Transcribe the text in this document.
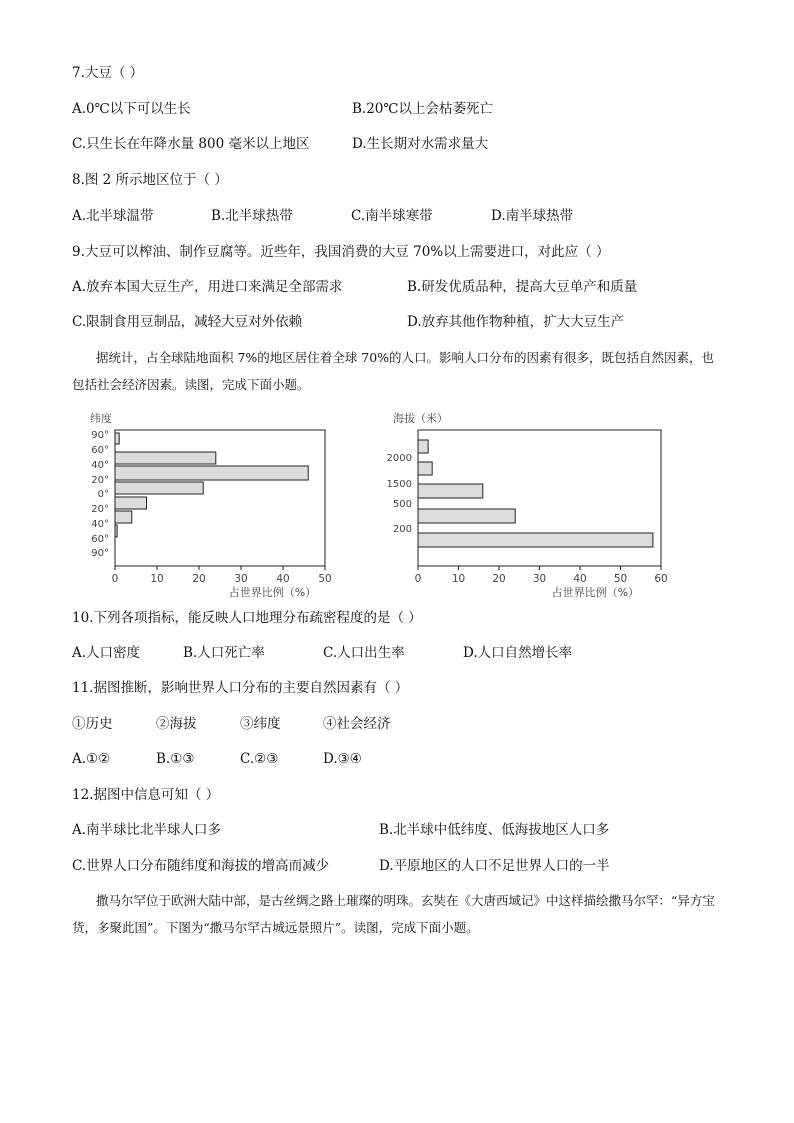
7.大豆（ ）
A.0℃以下可以生长	B.20℃以上会枯萎死亡
C.只生长在年降水量 800 毫米以上地区	D.生长期对水需求量大
8.图 2 所示地区位于（ ）
A.北半球温带	B.北半球热带	C.南半球寒带	D.南半球热带
9.大豆可以榨油、制作豆腐等。近些年，我国消费的大豆 70%以上需要进口，对此应（ ）
A.放弃本国大豆生产，用进口来满足全部需求	B.研发优质品种，提高大豆单产和质量
C.限制食用豆制品，减轻大豆对外依赖	D.放弃其他作物种植，扩大大豆生产
据统计，占全球陆地面积 7%的地区居住着全球 70%的人口。影响人口分布的因素有很多，既包括自然因素，也包括社会经济因素。读图，完成下面小题。
纬度
90°
60°
40°
20°
0°
20°
40°
60°
90°
0	10	20	30	40	50
占世界比例（%）
海拔（米）
2000
1500
500
200
0	10	20	30	40	50	60
占世界比例（%）
10.下列各项指标，能反映人口地理分布疏密程度的是（ ）
A.人口密度	B.人口死亡率	C.人口出生率	D.人口自然增长率
11.据图推断，影响世界人口分布的主要自然因素有（ ）
①历史	②海拔	③纬度	④社会经济
A.①②	B.①③	C.②③	D.③④
12.据图中信息可知（ ）
A.南半球比北半球人口多	B.北半球中低纬度、低海拔地区人口多
C.世界人口分布随纬度和海拔的增高而减少	D.平原地区的人口不足世界人口的一半
撒马尔罕位于欧洲大陆中部，是古丝绸之路上璀璨的明珠。玄奘在《大唐西域记》中这样描绘撒马尔罕：“异方宝货，多聚此国”。下图为“撒马尔罕古城远景照片”。读图，完成下面小题。
